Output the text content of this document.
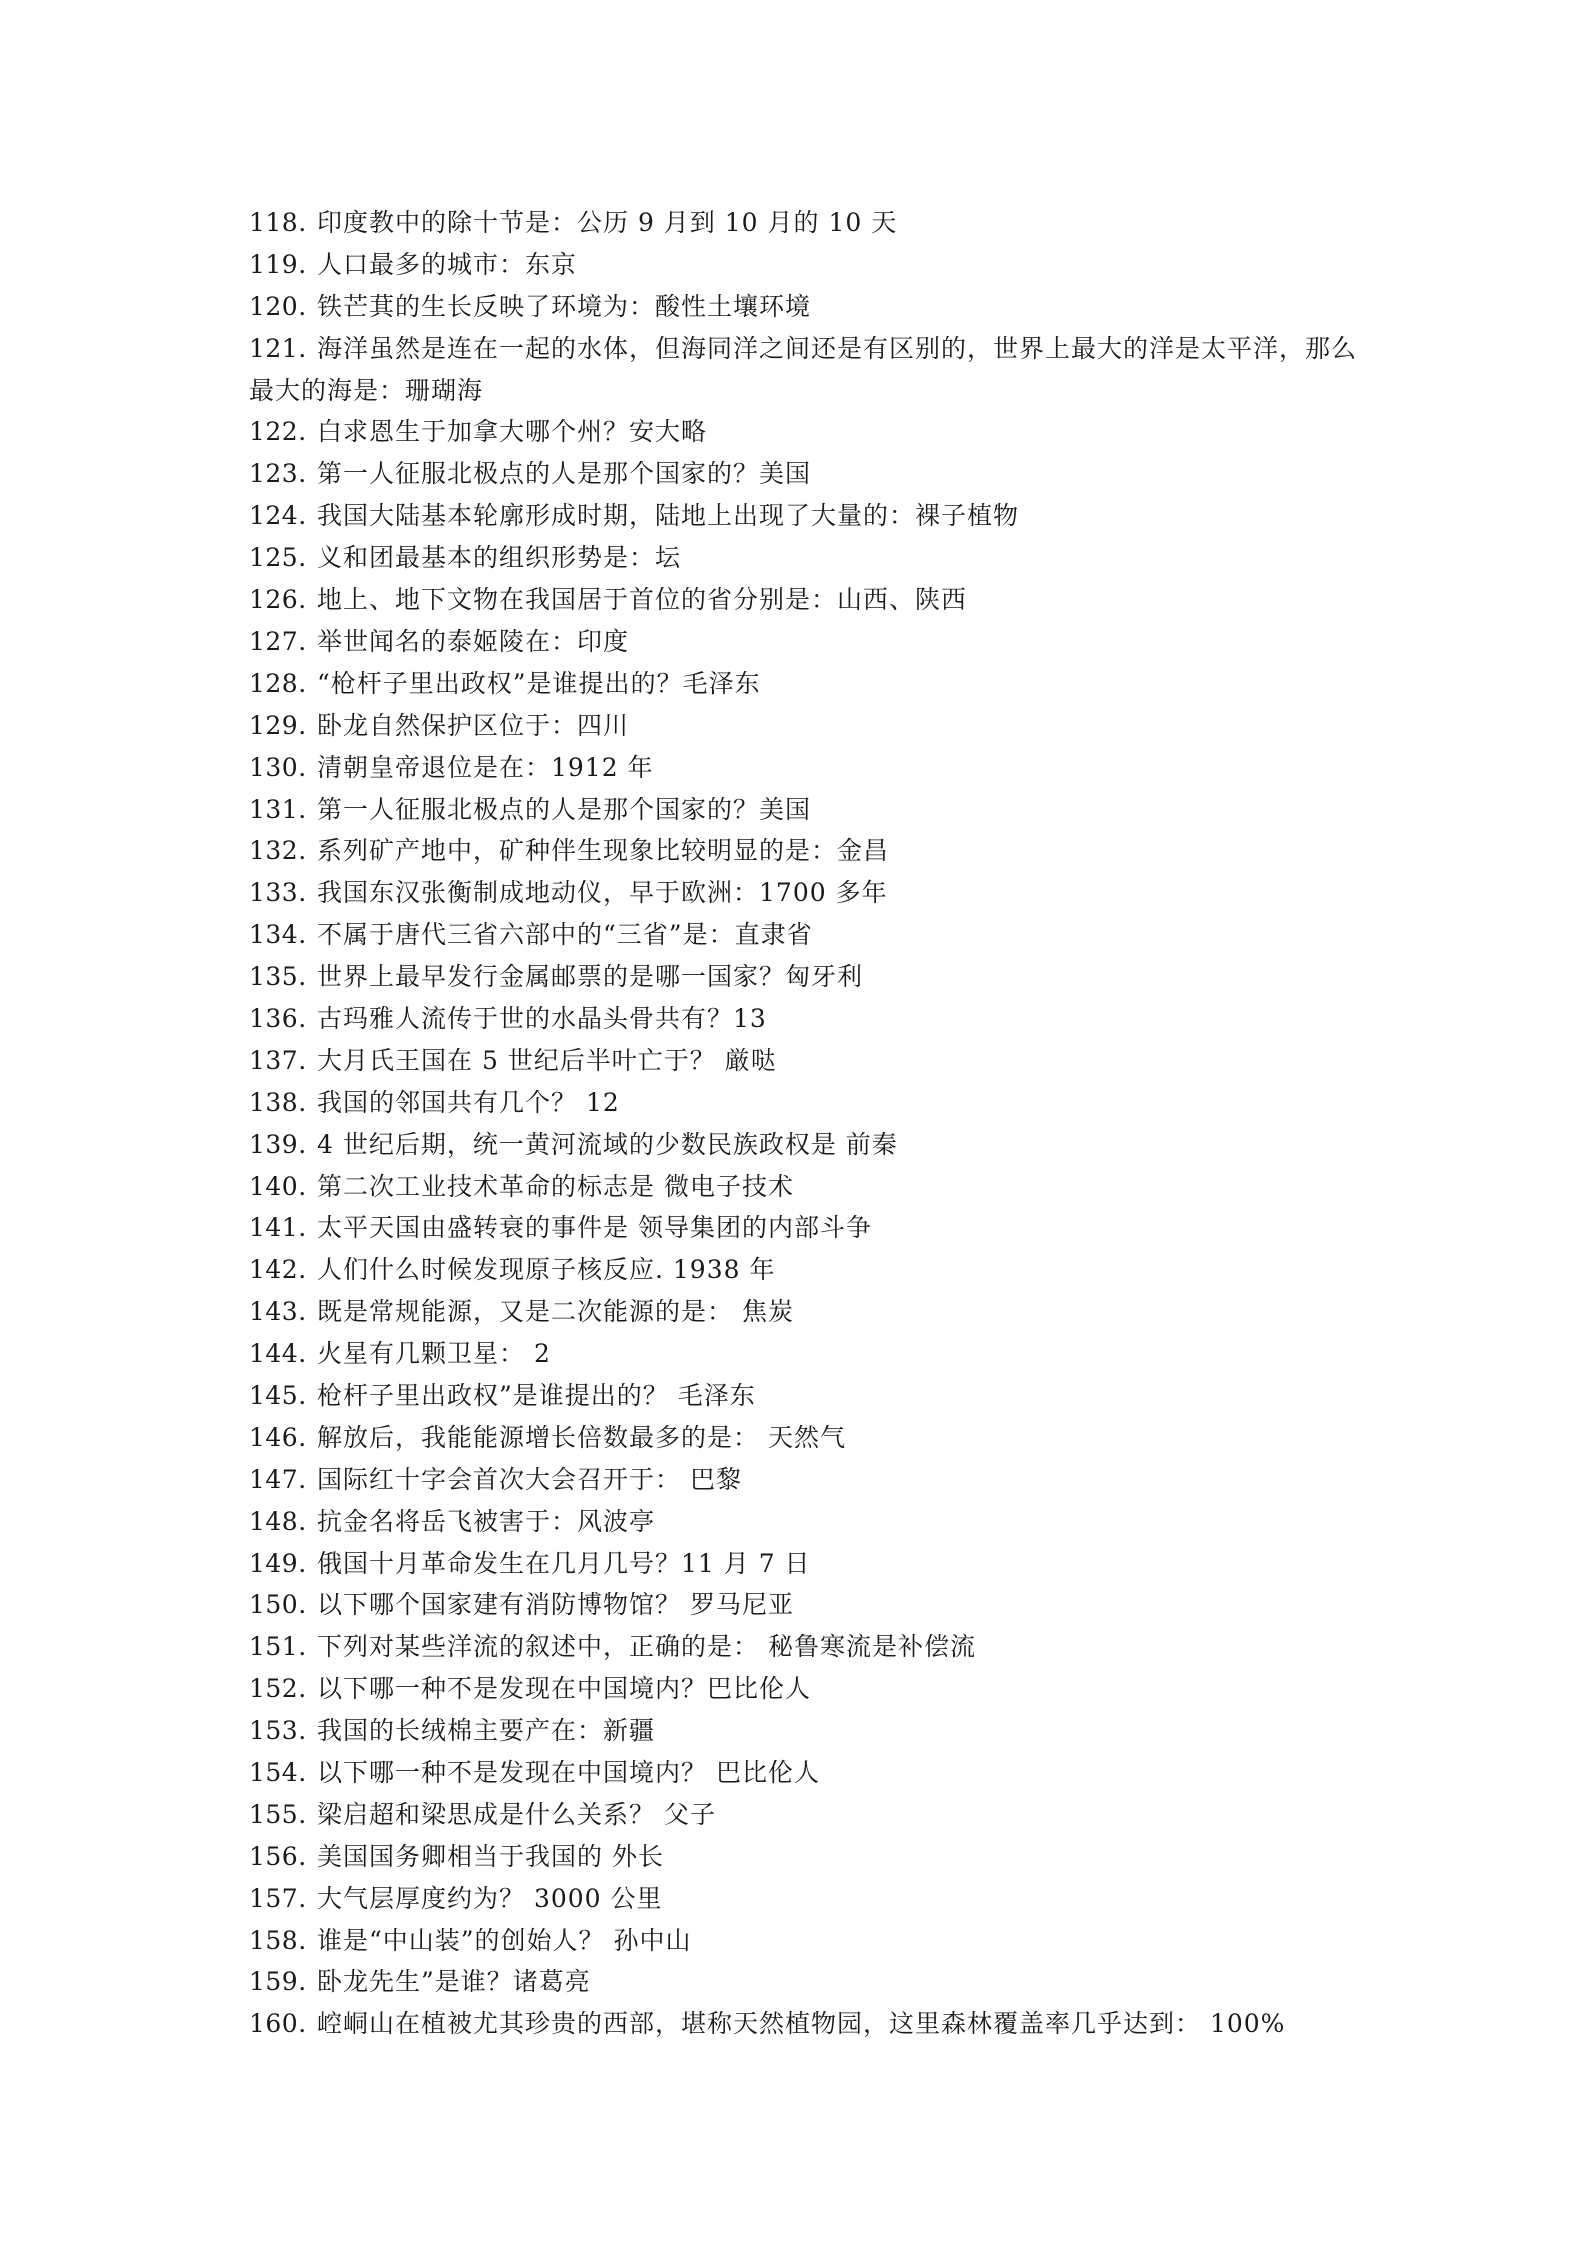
118. 印度教中的除十节是：公历 9 月到 10 月的 10 天
119. 人口最多的城市：东京
120. 铁芒萁的生长反映了环境为：酸性土壤环境
121. 海洋虽然是连在一起的水体，但海同洋之间还是有区别的，世界上最大的洋是太平洋，那么最大的海是：珊瑚海
122. 白求恩生于加拿大哪个州？安大略
123. 第一人征服北极点的人是那个国家的？美国
124. 我国大陆基本轮廓形成时期，陆地上出现了大量的：裸子植物
125. 义和团最基本的组织形势是：坛
126. 地上、地下文物在我国居于首位的省分别是：山西、陕西
127. 举世闻名的泰姬陵在：印度
128. “枪杆子里出政权”是谁提出的？毛泽东
129. 卧龙自然保护区位于：四川
130. 清朝皇帝退位是在：1912 年
131. 第一人征服北极点的人是那个国家的？美国
132. 系列矿产地中，矿种伴生现象比较明显的是：金昌
133. 我国东汉张衡制成地动仪，早于欧洲：1700 多年
134. 不属于唐代三省六部中的“三省”是：直隶省
135. 世界上最早发行金属邮票的是哪一国家？匈牙利
136. 古玛雅人流传于世的水晶头骨共有？13
137. 大月氏王国在 5 世纪后半叶亡于？ 厳哒
138. 我国的邻国共有几个？ 12
139. 4 世纪后期，统一黄河流域的少数民族政权是 前秦
140. 第二次工业技术革命的标志是 微电子技术
141. 太平天国由盛转衰的事件是 领导集团的内部斗争
142. 人们什么时候发现原子核反应. 1938 年
143. 既是常规能源，又是二次能源的是： 焦炭
144. 火星有几颗卫星： 2
145. 枪杆子里出政权”是谁提出的？ 毛泽东
146. 解放后，我能能源增长倍数最多的是： 天然气
147. 国际红十字会首次大会召开于： 巴黎
148. 抗金名将岳飞被害于：风波亭
149. 俄国十月革命发生在几月几号？11 月 7 日
150. 以下哪个国家建有消防博物馆？ 罗马尼亚
151. 下列对某些洋流的叙述中，正确的是： 秘鲁寒流是补偿流
152. 以下哪一种不是发现在中国境内？巴比伦人
153. 我国的长绒棉主要产在：新疆
154. 以下哪一种不是发现在中国境内？ 巴比伦人
155. 梁启超和梁思成是什么关系？ 父子
156. 美国国务卿相当于我国的 外长
157. 大气层厚度约为？ 3000 公里
158. 谁是“中山装”的创始人？ 孙中山
159. 卧龙先生”是谁？诸葛亮
160. 崆峒山在植被尤其珍贵的西部，堪称天然植物园，这里森林覆盖率几乎达到： 100%
